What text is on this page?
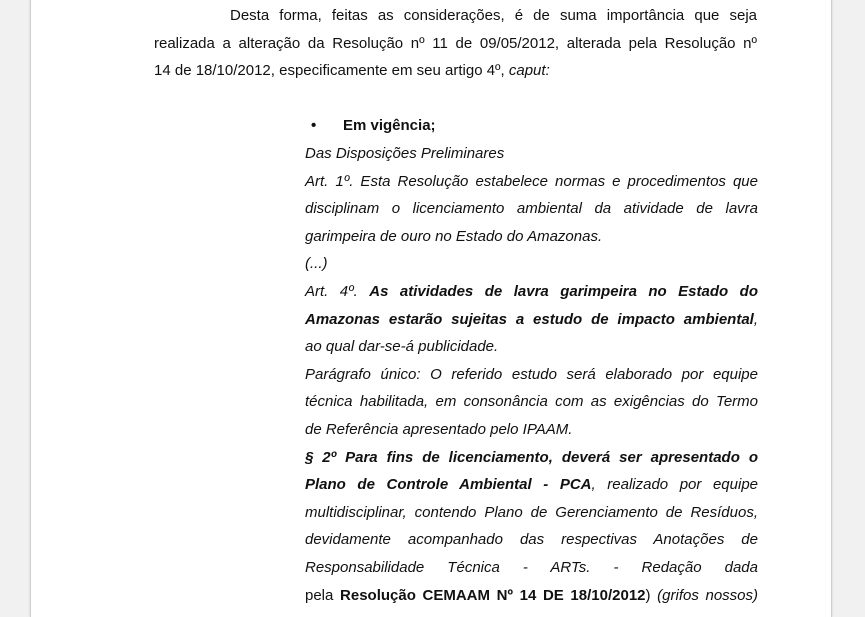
Desta forma, feitas as considerações, é de suma importância que seja
realizada a alteração da Resolução nº 11 de 09/05/2012, alterada pela Resolução nº
14 de 18/10/2012, especificamente em seu artigo 4º, caput:
• Em vigência;

Das Disposições Preliminares

Art. 1º. Esta Resolução estabelece normas e procedimentos que

disciplinam o licenciamento ambiental da atividade de lavra

garimpeira de ouro no Estado do Amazonas.

(...)

Art. 4º. As atividades de lavra garimpeira no Estado do

Amazonas estarão sujeitas a estudo de impacto ambiental,

ao qual dar-se-á publicidade.

Parágrafo único: O referido estudo será elaborado por equipe

técnica habilitada, em consonância com as exigências do Termo

de Referência apresentado pelo IPAAM.

§ 2º Para fins de licenciamento, deverá ser apresentado o

Plano de Controle Ambiental - PCA, realizado por equipe

multidisciplinar, contendo Plano de Gerenciamento de Resíduos,

devidamente acompanhado das respectivas Anotações de

Responsabilidade Técnica - ARTs. - Redação dada

pela Resolução CEMAAM Nº 14 DE 18/10/2012) (grifos nossos)
